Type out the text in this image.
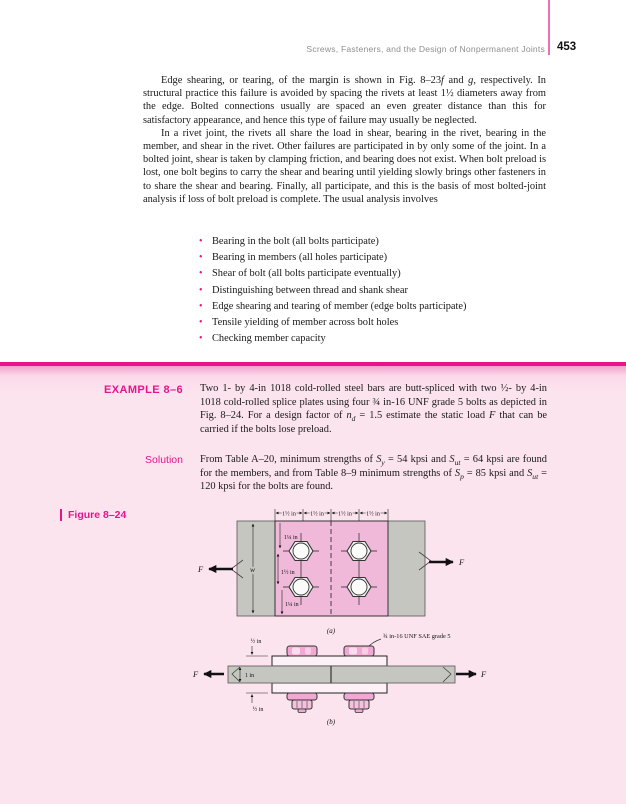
Screws, Fasteners, and the Design of Nonpermanent Joints 453

Edge shearing, or tearing, of the margin is shown in Fig. 8–23f and g, respectively. In structural practice this failure is avoided by spacing the rivets at least 1½ diameters away from the edge. Bolted connections usually are spaced an even greater distance than this for satisfactory appearance, and hence this type of failure may usually be neglected.

In a rivet joint, the rivets all share the load in shear, bearing in the rivet, bearing in the member, and shear in the rivet. Other failures are participated in by only some of the joint. In a bolted joint, shear is taken by clamping friction, and bearing does not exist. When bolt preload is lost, one bolt begins to carry the shear and bearing until yielding slowly brings other fasteners in to share the shear and bearing. Finally, all participate, and this is the basis of most bolted-joint analysis if loss of bolt preload is complete. The usual analysis involves

• Bearing in the bolt (all bolts participate)
• Bearing in members (all holes participate)
• Shear of bolt (all bolts participate eventually)
• Distinguishing between thread and shank shear
• Edge shearing and tearing of member (edge bolts participate)
• Tensile yielding of member across bolt holes
• Checking member capacity
EXAMPLE 8–6 Two 1- by 4-in 1018 cold-rolled steel bars are butt-spliced with two ½- by 4-in 1018 cold-rolled splice plates using four ¾ in-16 UNF grade 5 bolts as depicted in Fig. 8–24. For a design factor of $n_d = 1.5$ estimate the static load F that can be carried if the bolts lose preload.
Solution From Table A–20, minimum strengths of $S_y = 54$ kpsi and $S_{ut} = 64$ kpsi are found for the members, and from Table 8–9 minimum strengths of $S_p = 85$ kpsi and $S_{ut} = 120$ kpsi for the bolts are found.
Figure 8–24	1½ in 1½ in 1½ in 1½ in
w
1¼ in
1½ in
1¼ in
F
F
(a)
¾ in-16 UNF SAE grade 5
½ in
1 in
½ in
F	F
(b)
